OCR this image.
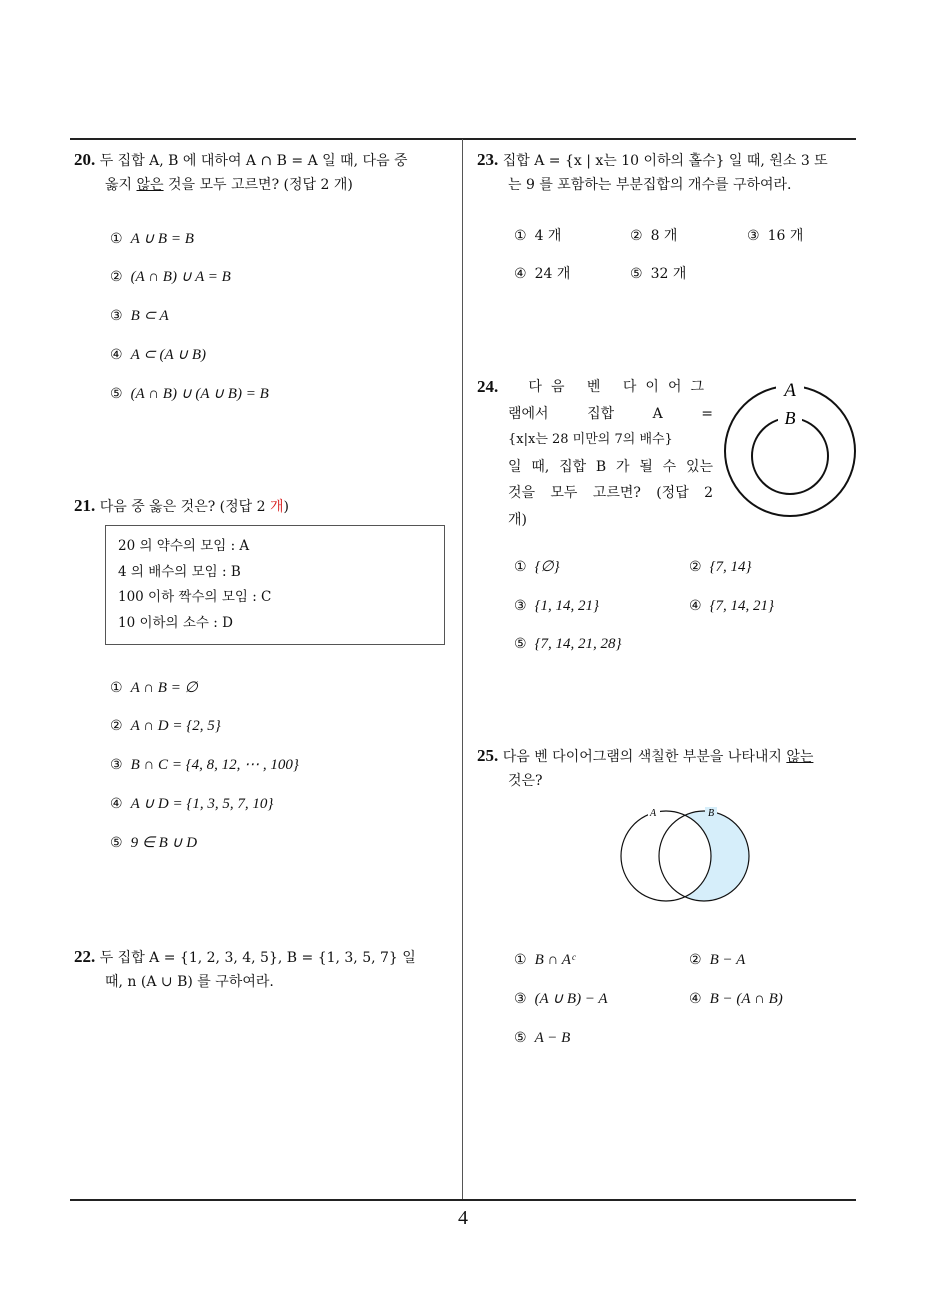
20. 두 집합 A, B 에 대하여 A ∩ B = A 일 때, 다음 중
옳지 않은 것을 모두 고르면? (정답 2 개)
① A ∪ B = B
② (A ∩ B) ∪ A = B
③ B ⊂ A
④ A ⊂ (A ∪ B)
⑤ (A ∩ B) ∪ (A ∪ B) = B
21. 다음 중 옳은 것은? (정답 2 개)
20 의 약수의 모임 : A
4 의 배수의 모임 : B
100 이하 짝수의 모임 : C
10 이하의 소수 : D
① A ∩ B = ∅
② A ∩ D = {2, 5}
③ B ∩ C = {4, 8, 12, ⋯ , 100}
④ A ∪ D = {1, 3, 5, 7, 10}
⑤ 9 ∈ B ∪ D
22. 두 집합 A = {1, 2, 3, 4, 5}, B = {1, 3, 5, 7} 일
때, n (A ∪ B) 를 구하여라.
23. 집합 A = {x | x는 10 이하의 홀수} 일 때, 원소 3 또
는 9 를 포함하는 부분집합의 개수를 구하여라.
① 4 개	② 8 개	③ 16 개
④ 24 개	⑤ 32 개
24.	다음 벤 다이어그
램에서 집합 A =
{x|x는 28 미만의 7의 배수}
일 때, 집합 B 가 될 수 있는
것을 모두 고르면? (정답 2
개)
A
B
① {∅}	② {7, 14}
③ {1, 14, 21}	④ {7, 14, 21}
⑤ {7, 14, 21, 28}
25. 다음 벤 다이어그램의 색칠한 부분을 나타내지 않는
것은?
A	B
① B ∩ Aᶜ	② B − A
③ (A ∪ B) − A	④ B − (A ∩ B)
⑤ A − B
4
